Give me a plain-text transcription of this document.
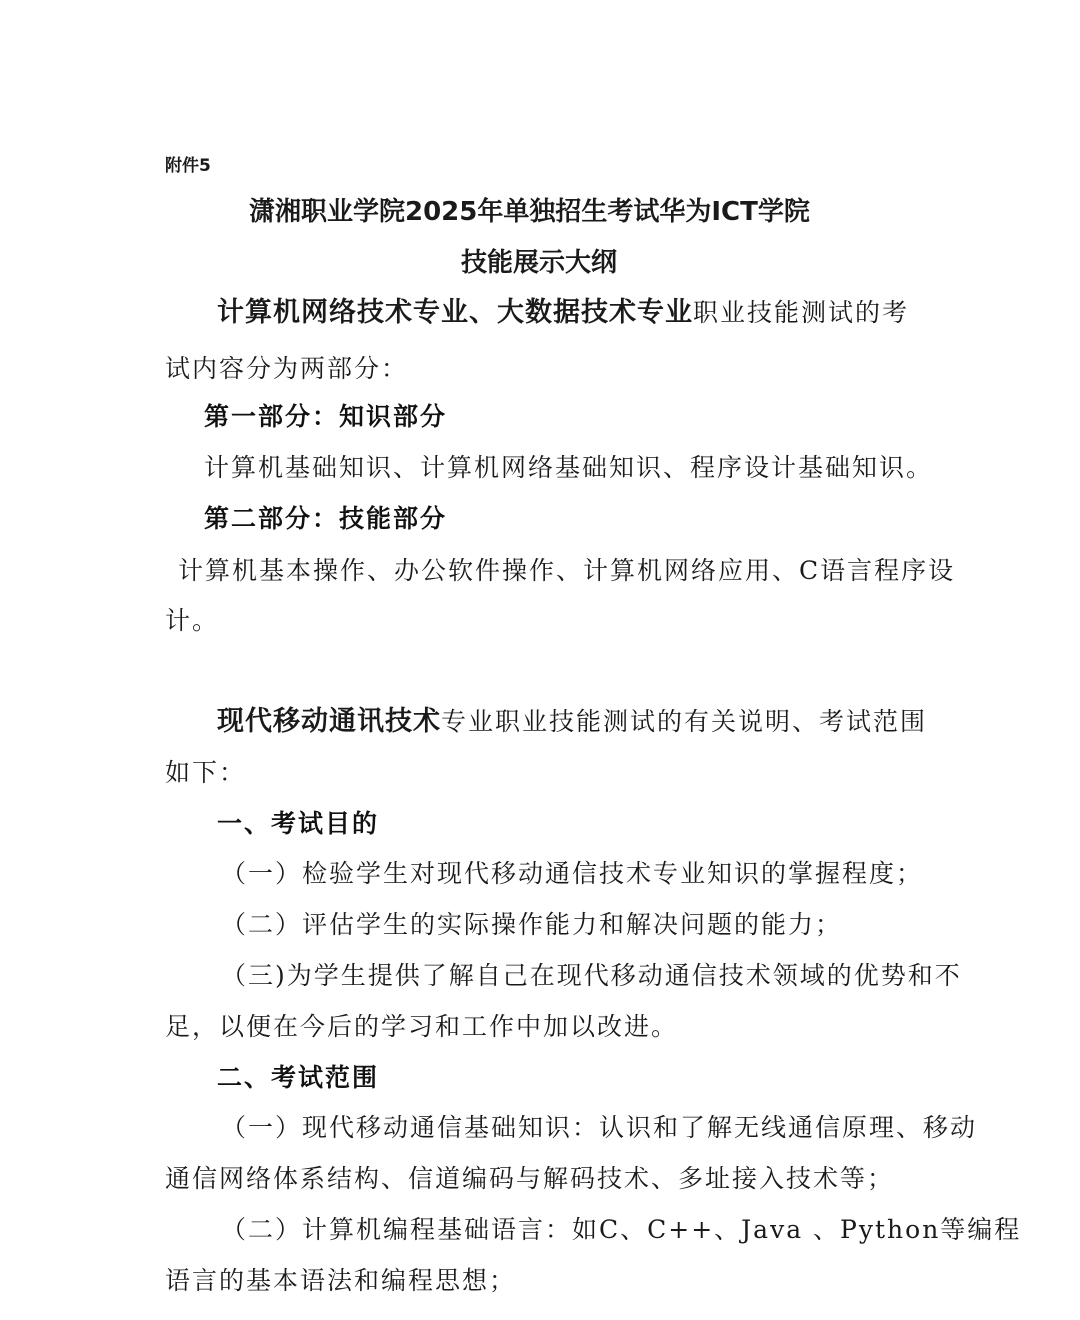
附件5
潇湘职业学院2025年单独招生考试华为ICT学院
技能展示大纲
计算机网络技术专业、大数据技术专业职业技能测试的考
试内容分为两部分：
第一部分：知识部分
计算机基础知识、计算机网络基础知识、程序设计基础知识。
第二部分：技能部分
计算机基本操作、办公软件操作、计算机网络应用、C语言程序设
计。
现代移动通讯技术专业职业技能测试的有关说明、考试范围
如下：
一、考试目的
（一）检验学生对现代移动通信技术专业知识的掌握程度；
（二）评估学生的实际操作能力和解决问题的能力；
（三)为学生提供了解自己在现代移动通信技术领域的优势和不
足，以便在今后的学习和工作中加以改进。
二、考试范围
（一）现代移动通信基础知识：认识和了解无线通信原理、移动
通信网络体系结构、信道编码与解码技术、多址接入技术等；
（二）计算机编程基础语言：如C、C++、Java 、Python等编程
语言的基本语法和编程思想；
